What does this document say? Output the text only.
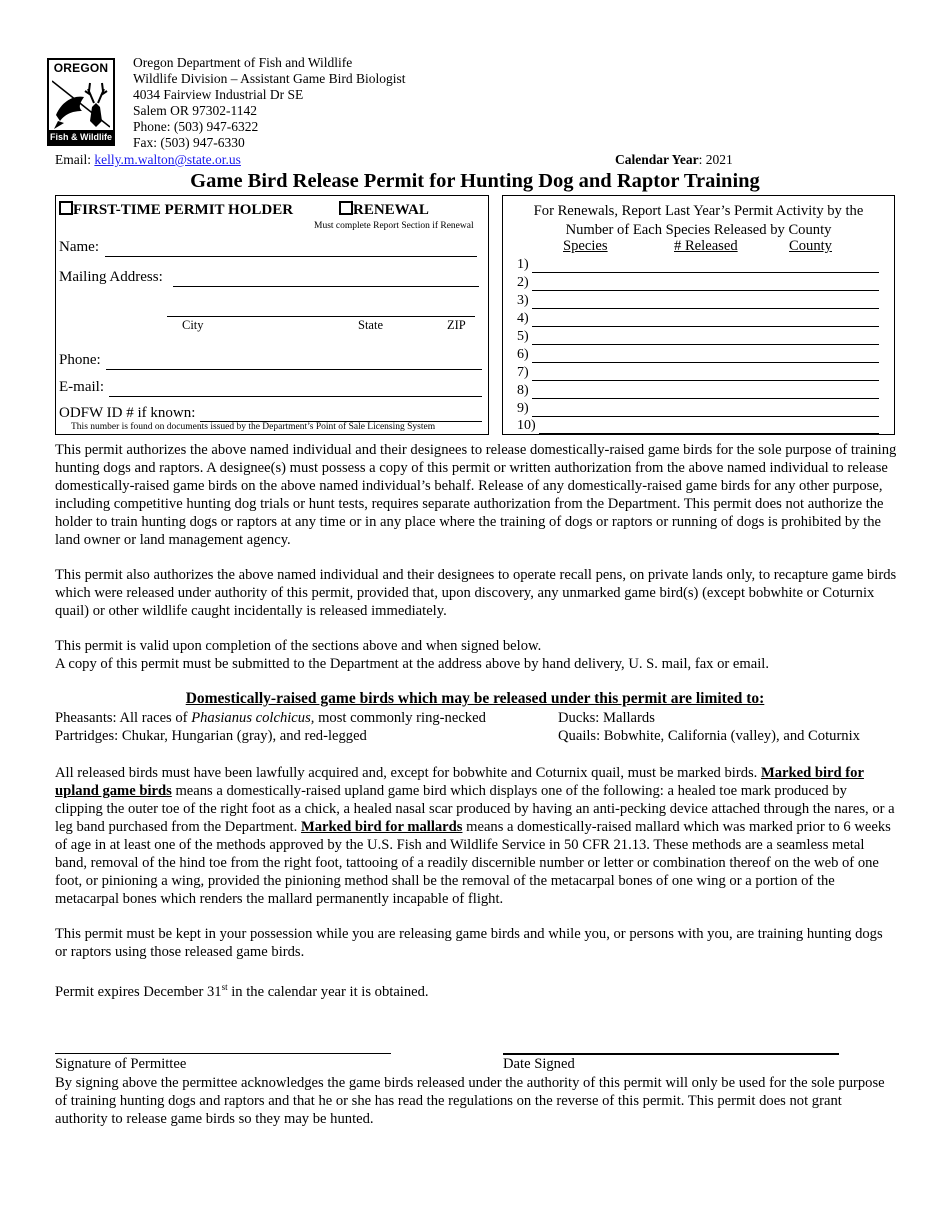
OREGON
Fish & Wildlife
Oregon Department of Fish and Wildlife
Wildlife Division – Assistant Game Bird Biologist
4034 Fairview Industrial Dr SE
Salem OR 97302-1142
Phone: (503) 947-6322
Fax: (503) 947-6330
Email: kelly.m.walton@state.or.us	Calendar Year: 2021
Game Bird Release Permit for Hunting Dog and Raptor Training
FIRST-TIME PERMIT HOLDER	RENEWAL
Must complete Report Section if Renewal
Name:
Mailing Address:
City	State	ZIP
Phone:
E-mail:
ODFW ID # if known:
This number is found on documents issued by the Department’s Point of Sale Licensing System
For Renewals, Report Last Year’s Permit Activity by the
Number of Each Species Released by County
Species	# Released	County
1)
2)
3)
4)
5)
6)
7)
8)
9)
10)
This permit authorizes the above named individual and their designees to release domestically-raised game birds for the sole purpose of training hunting dogs and raptors. A designee(s) must possess a copy of this permit or written authorization from the above named individual to release domestically-raised game birds on the above named individual’s behalf. Release of any domestically-raised game birds for any other purpose, including competitive hunting dog trials or hunt tests, requires separate authorization from the Department. This permit does not authorize the holder to train hunting dogs or raptors at any time or in any place where the training of dogs or raptors or running of dogs is prohibited by the land owner or land management agency.
This permit also authorizes the above named individual and their designees to operate recall pens, on private lands only, to recapture game birds which were released under authority of this permit, provided that, upon discovery, any unmarked game bird(s) (except bobwhite or Coturnix quail) or other wildlife caught incidentally is released immediately.
This permit is valid upon completion of the sections above and when signed below.
A copy of this permit must be submitted to the Department at the address above by hand delivery, U. S. mail, fax or email.
Domestically-raised game birds which may be released under this permit are limited to:
Pheasants: All races of Phasianus colchicus, most commonly ring-necked	Ducks: Mallards
Partridges: Chukar, Hungarian (gray), and red-legged	Quails: Bobwhite, California (valley), and Coturnix
All released birds must have been lawfully acquired and, except for bobwhite and Coturnix quail, must be marked birds. Marked bird for upland game birds means a domestically-raised upland game bird which displays one of the following: a healed toe mark produced by clipping the outer toe of the right foot as a chick, a healed nasal scar produced by having an anti-pecking device attached through the nares, or a leg band purchased from the Department. Marked bird for mallards means a domestically-raised mallard which was marked prior to 6 weeks of age in at least one of the methods approved by the U.S. Fish and Wildlife Service in 50 CFR 21.13. These methods are a seamless metal band, removal of the hind toe from the right foot, tattooing of a readily discernible number or letter or combination thereof on the web of one foot, or pinioning a wing, provided the pinioning method shall be the removal of the metacarpal bones of one wing or a portion of the metacarpal bones which renders the mallard permanently incapable of flight.
This permit must be kept in your possession while you are releasing game birds and while you, or persons with you, are training hunting dogs or raptors using those released game birds.
Permit expires December 31st in the calendar year it is obtained.
Signature of Permittee	Date Signed
By signing above the permittee acknowledges the game birds released under the authority of this permit will only be used for the sole purpose of training hunting dogs and raptors and that he or she has read the regulations on the reverse of this permit. This permit does not grant authority to release game birds so they may be hunted.
